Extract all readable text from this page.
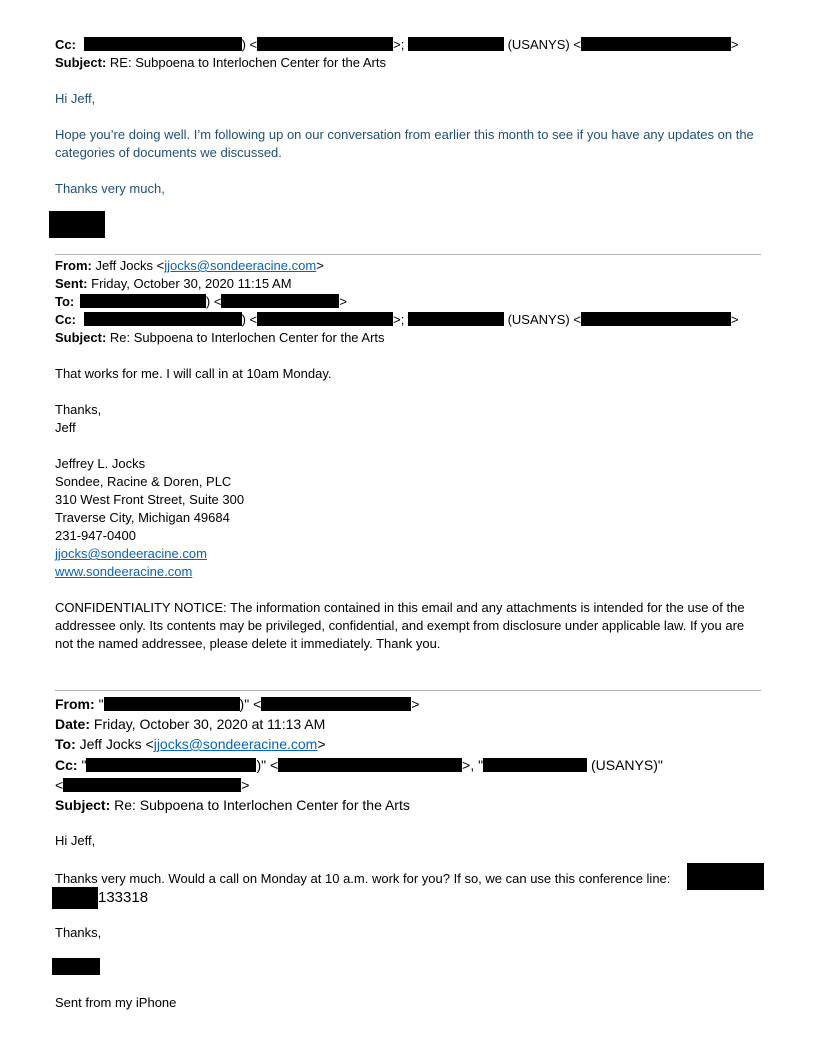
Cc:	) <	>;	(USANYS) <	>
Subject: RE: Subpoena to Interlochen Center for the Arts
Hi Jeff,
Hope you’re doing well. I’m following up on our conversation from earlier this month to see if you have any updates on the categories of documents we discussed.
Thanks very much,
From: Jeff Jocks <jjocks@sondeeracine.com>
Sent: Friday, October 30, 2020 11:15 AM
To:	) <	>
Cc:	) <	>;	(USANYS) <	>
Subject: Re: Subpoena to Interlochen Center for the Arts
That works for me. I will call in at 10am Monday.
Thanks,
Jeff
Jeffrey L. Jocks
Sondee, Racine & Doren, PLC
310 West Front Street, Suite 300
Traverse City, Michigan 49684
231-947-0400
jjocks@sondeeracine.com
www.sondeeracine.com
CONFIDENTIALITY NOTICE: The information contained in this email and any attachments is intended for the use of the addressee only. Its contents may be privileged, confidential, and exempt from disclosure under applicable law. If you are not the named addressee, please delete it immediately. Thank you.
From: "	)" <	>
Date: Friday, October 30, 2020 at 11:13 AM
To: Jeff Jocks <jjocks@sondeeracine.com>
Cc: "	)" <	>, "	(USANYS)"
<	>
Subject: Re: Subpoena to Interlochen Center for the Arts
Hi Jeff,
Thanks very much. Would a call on Monday at 10 a.m. work for you? If so, we can use this conference line:
133318
Thanks,
Sent from my iPhone
